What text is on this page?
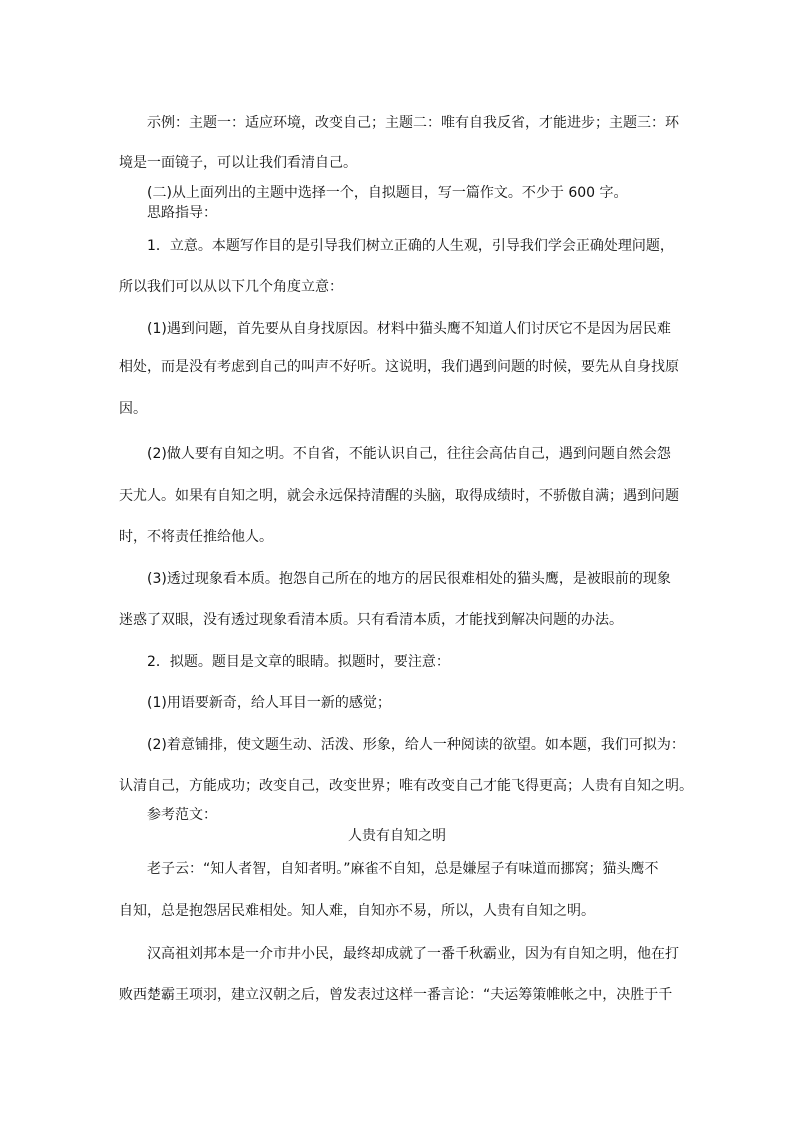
示例：主题一：适应环境，改变自己；主题二：唯有自我反省，才能进步；主题三：环
境是一面镜子，可以让我们看清自己。
(二)从上面列出的主题中选择一个，自拟题目，写一篇作文。不少于 600 字。
思路指导：
1．立意。本题写作目的是引导我们树立正确的人生观，引导我们学会正确处理问题，
所以我们可以从以下几个角度立意：
(1)遇到问题，首先要从自身找原因。材料中猫头鹰不知道人们讨厌它不是因为居民难
相处，而是没有考虑到自己的叫声不好听。这说明，我们遇到问题的时候，要先从自身找原
因。
(2)做人要有自知之明。不自省，不能认识自己，往往会高估自己，遇到问题自然会怨
天尤人。如果有自知之明，就会永远保持清醒的头脑，取得成绩时，不骄傲自满；遇到问题
时，不将责任推给他人。
(3)透过现象看本质。抱怨自己所在的地方的居民很难相处的猫头鹰，是被眼前的现象
迷惑了双眼，没有透过现象看清本质。只有看清本质，才能找到解决问题的办法。
2．拟题。题目是文章的眼睛。拟题时，要注意：
(1)用语要新奇，给人耳目一新的感觉；
(2)着意铺排，使文题生动、活泼、形象，给人一种阅读的欲望。如本题，我们可拟为：
认清自己，方能成功；改变自己，改变世界；唯有改变自己才能飞得更高；人贵有自知之明。
参考范文：
人贵有自知之明
老子云：“知人者智，自知者明。”麻雀不自知，总是嫌屋子有味道而挪窝；猫头鹰不
自知，总是抱怨居民难相处。知人难，自知亦不易，所以，人贵有自知之明。
汉高祖刘邦本是一介市井小民，最终却成就了一番千秋霸业，因为有自知之明，他在打
败西楚霸王项羽，建立汉朝之后，曾发表过这样一番言论：“夫运筹策帷帐之中，决胜于千
